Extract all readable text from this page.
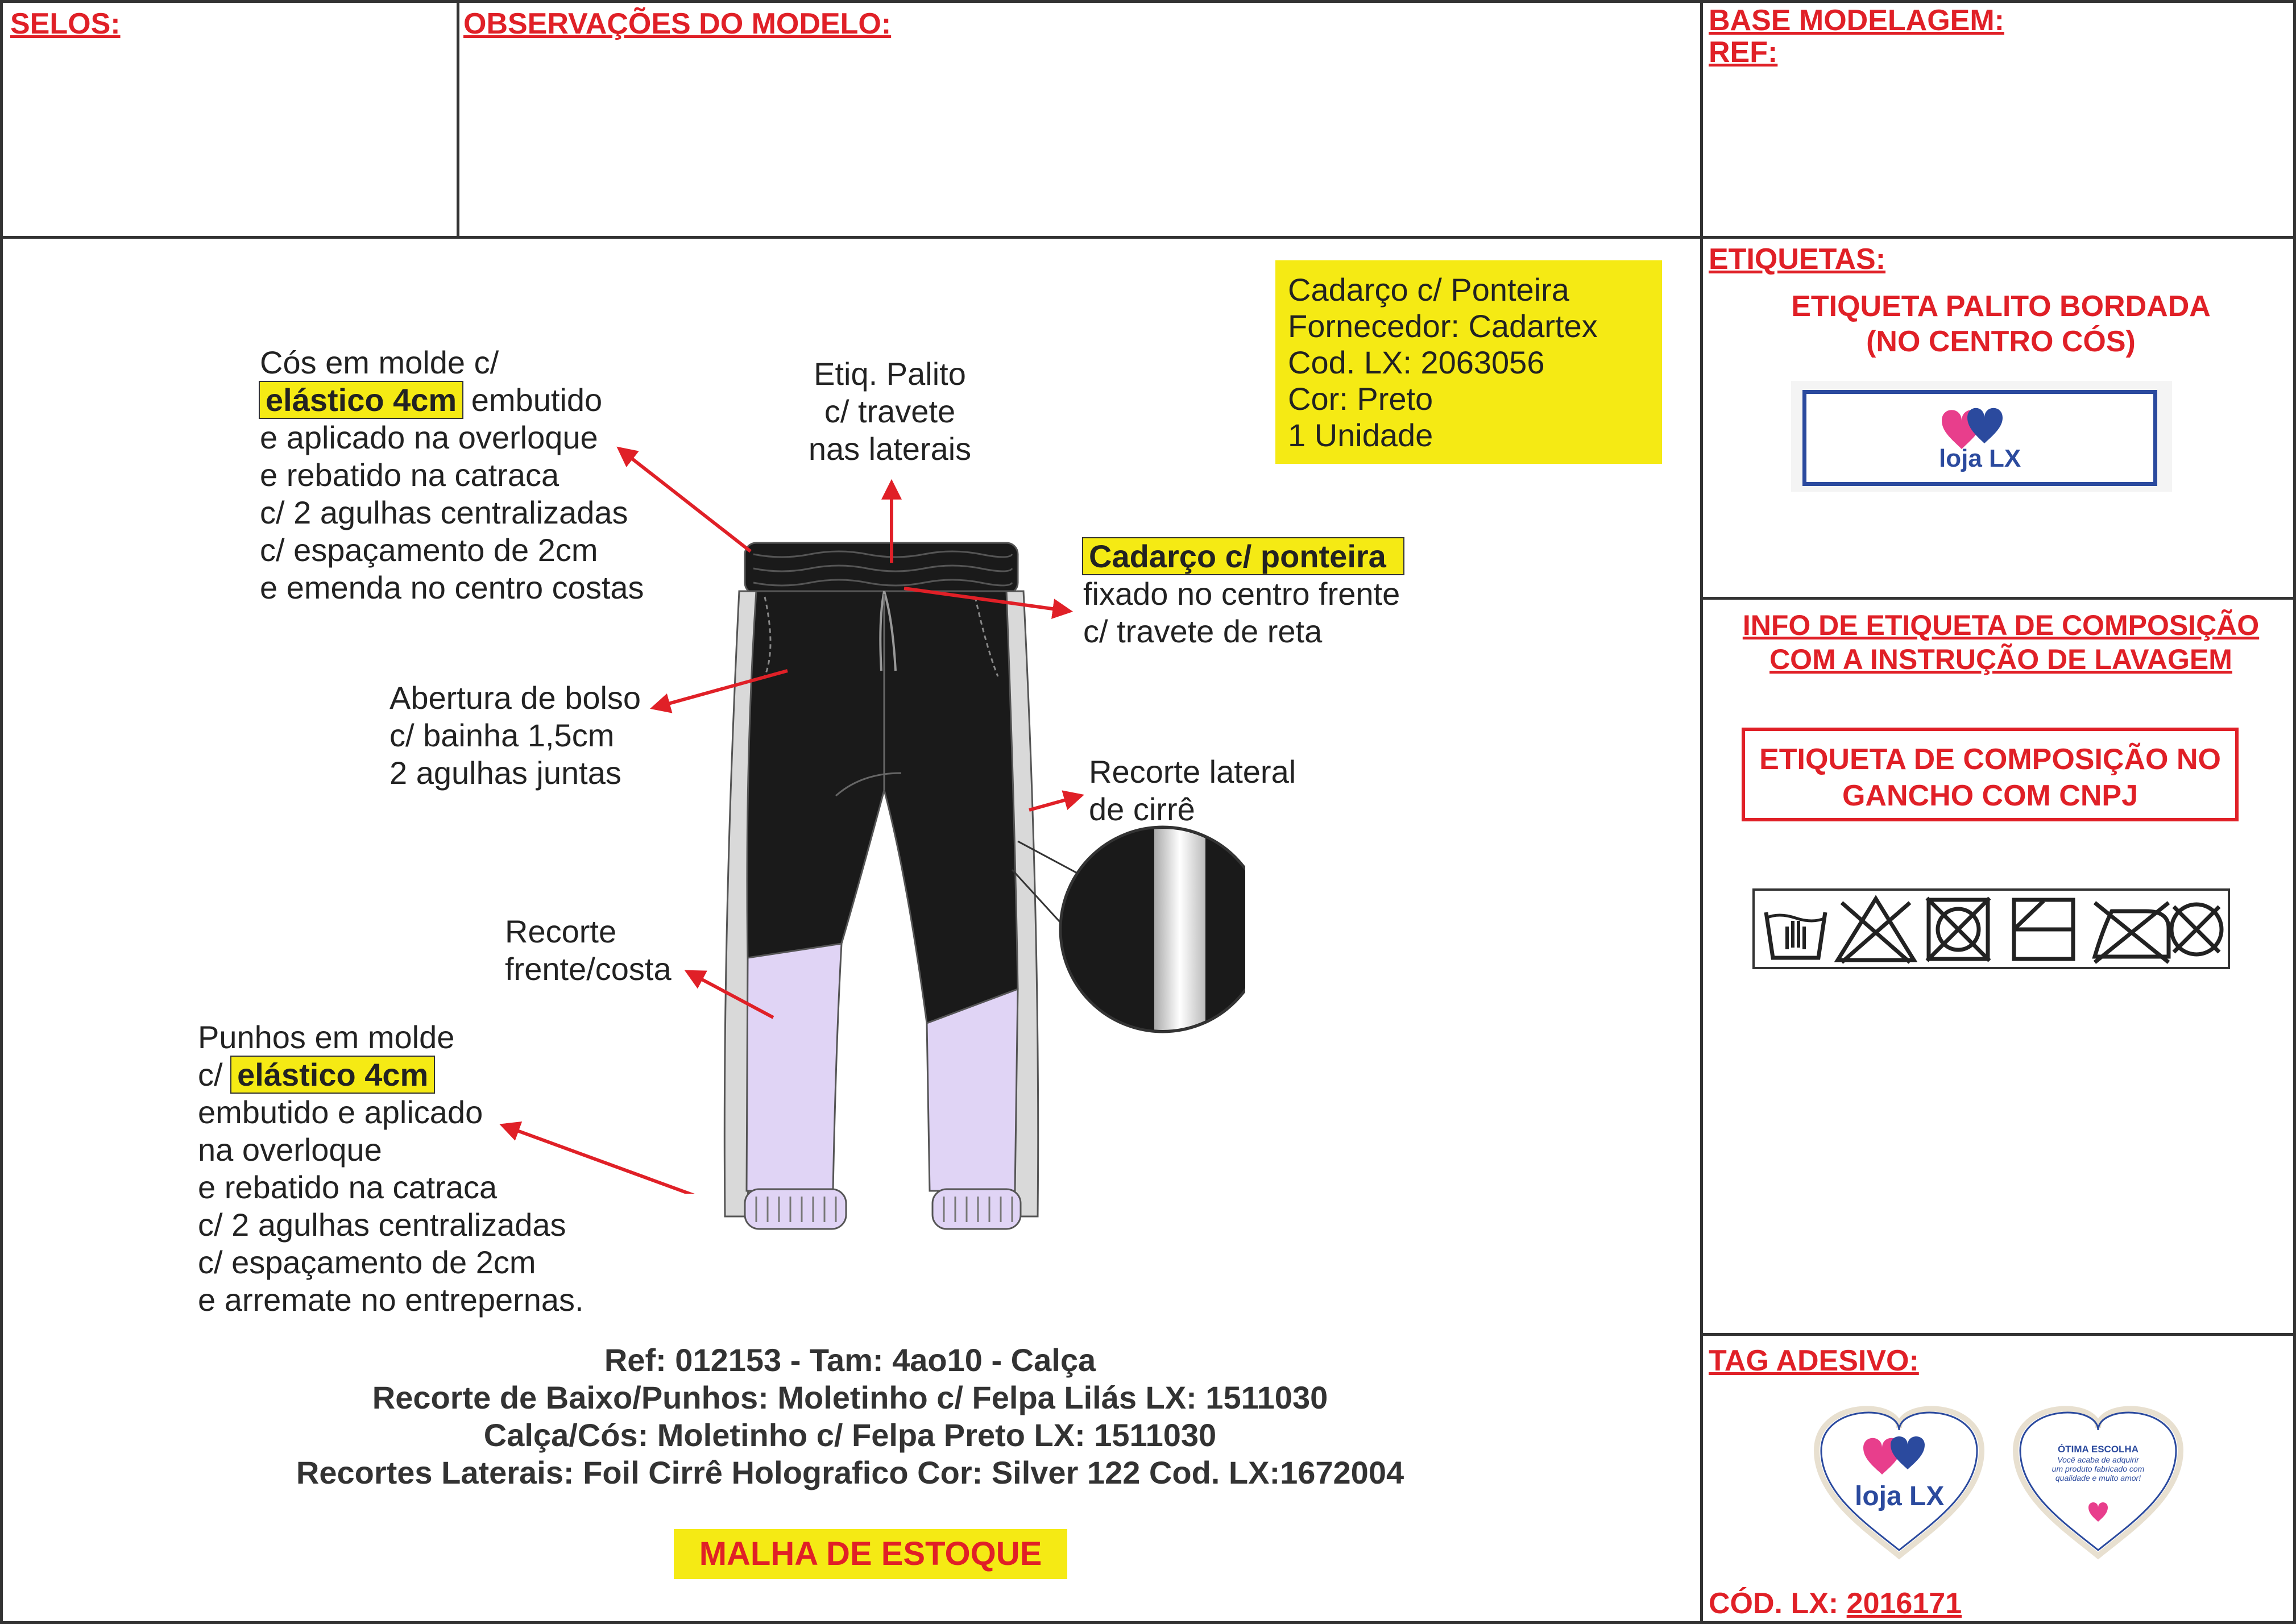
SELOS:	OBSERVAÇÕES DO MODELO:	BASE MODELAGEM:
REF:
ETIQUETAS:
ETIQUETA PALITO BORDADA
(NO CENTRO CÓS)
loja LX
INFO DE ETIQUETA DE COMPOSIÇÃO
COM A INSTRUÇÃO DE LAVAGEM
ETIQUETA DE COMPOSIÇÃO NO
GANCHO COM CNPJ
TAG ADESIVO:
loja LX
ÓTIMA ESCOLHA
Você acaba de adquirir
um produto fabricado com
qualidade e muito amor!
CÓD. LX: 2016171
Cadarço c/ Ponteira
Fornecedor: Cadartex
Cod. LX: 2063056
Cor: Preto
1 Unidade
Cós em molde c/
elástico 4cm embutido
e aplicado na overloque
e rebatido na catraca
c/ 2 agulhas centralizadas
c/ espaçamento de 2cm
e emenda no centro costas
Etiq. Palito
c/ travete
nas laterais
Cadarço c/ ponteira
fixado no centro frente
c/ travete de reta
Abertura de bolso
c/ bainha 1,5cm
2 agulhas juntas	Recorte lateral
de cirrê
Recorte
frente/costa
Punhos em molde
c/ elástico 4cm
embutido e aplicado
na overloque
e rebatido na catraca
c/ 2 agulhas centralizadas
c/ espaçamento de 2cm
e arremate no entrepernas.
Ref: 012153 - Tam: 4ao10 - Calça
Recorte de Baixo/Punhos: Moletinho c/ Felpa Lilás LX: 1511030
Calça/Cós: Moletinho c/ Felpa Preto LX: 1511030
Recortes Laterais: Foil Cirrê Holografico Cor: Silver 122 Cod. LX:1672004
MALHA DE ESTOQUE
